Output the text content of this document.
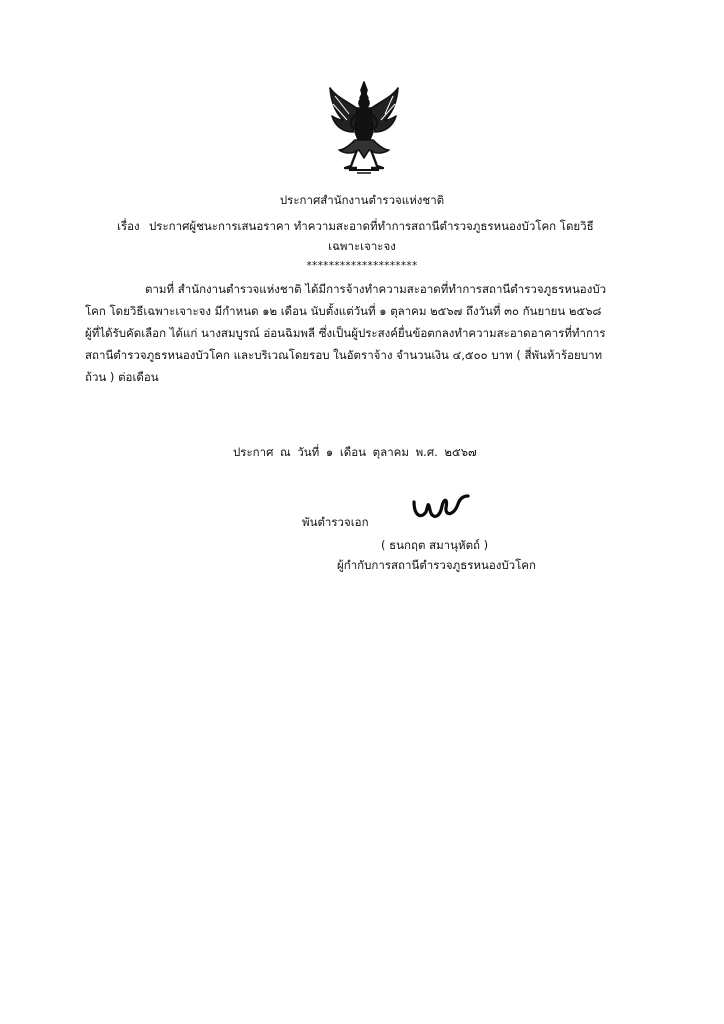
ประกาศสำนักงานตำรวจแห่งชาติ
เรื่อง ประกาศผู้ชนะการเสนอราคา ทำความสะอาดที่ทำการสถานีตำรวจภูธรหนองบัวโคก โดยวิธี
เฉพาะเจาะจง
********************
ตามที่ สำนักงานตำรวจแห่งชาติ ได้มีการจ้างทำความสะอาดที่ทำการสถานีตำรวจภูธรหนองบัว
โคก โดยวิธีเฉพาะเจาะจง มีกำหนด ๑๒ เดือน นับตั้งแต่วันที่ ๑ ตุลาคม ๒๕๖๗ ถึงวันที่ ๓๐ กันยายน ๒๕๖๘
ผู้ที่ได้รับคัดเลือก ได้แก่ นางสมบูรณ์ อ่อนฉิมพลี ซึ่งเป็นผู้ประสงค์ยื่นข้อตกลงทำความสะอาดอาคารที่ทำการ
สถานีตำรวจภูธรหนองบัวโคก และบริเวณโดยรอบ ในอัตราจ้าง จำนวนเงิน ๔,๕๐๐ บาท ( สี่พันห้าร้อยบาท
ถ้วน ) ต่อเดือน
ประกาศ ณ วันที่ ๑ เดือน ตุลาคม พ.ศ. ๒๕๖๗
พันตำรวจเอก
( ธนกฤต สมานุหัตถ์ )
ผู้กำกับการสถานีตำรวจภูธรหนองบัวโคก
